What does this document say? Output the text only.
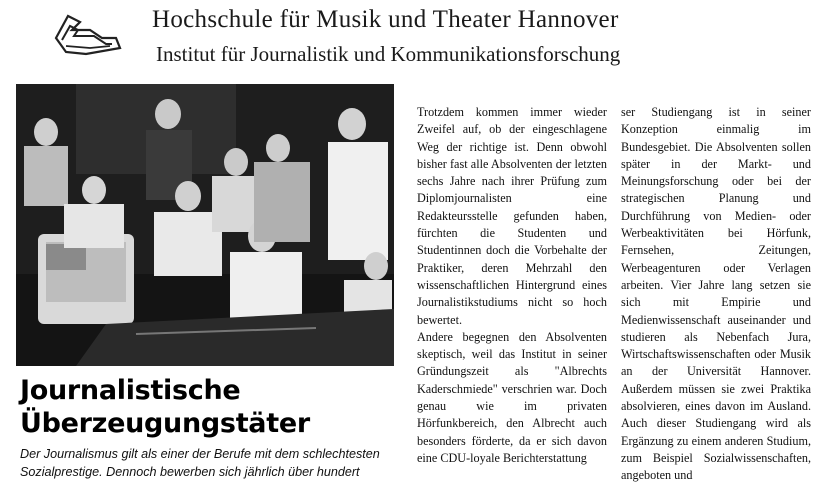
Hochschule für Musik und Theater Hannover
Institut für Journalistik und Kommunikationsforschung
Journalistische
Überzeugungstäter
Der Journalismus gilt als einer der Berufe mit dem schlechtesten
Sozialprestige. Dennoch bewerben sich jährlich über hundert

Trotzdem kommen immer wieder Zweifel auf, ob der eingeschlagene Weg der richtige ist. Denn obwohl bisher fast alle Absolventen der letzten sechs Jahre nach ihrer Prüfung zum Diplomjournalisten eine Redakteursstelle gefunden haben, fürchten die Studenten und Studentinnen doch die Vorbehalte der Praktiker, deren Mehrzahl den wissenschaftlichen Hintergrund eines Journalistikstudiums nicht so hoch bewertet.

Andere begegnen den Absolventen skeptisch, weil das Institut in seiner Gründungszeit als "Albrechts Kaderschmiede" verschrien war. Doch genau wie im privaten Hörfunkbereich, den Albrecht auch besonders förderte, da er sich davon eine CDU-loyale Berichterstattung

ser Studiengang ist in seiner Konzeption einmalig im Bundesgebiet. Die Absolventen sollen später in der Markt- und Meinungsforschung oder bei der strategischen Planung und Durchführung von Medien- oder Werbeaktivitäten bei Hörfunk, Fernsehen, Zeitungen, Werbeagenturen oder Verlagen arbeiten. Vier Jahre lang setzen sie sich mit Empirie und Medienwissenschaft auseinander und studieren als Nebenfach Jura, Wirtschaftswissenschaften oder Musik an der Universität Hannover. Außerdem müssen sie zwei Praktika absolvieren, eines davon im Ausland. Auch dieser Studiengang wird als Ergänzung zu einem anderen Studium, zum Beispiel Sozialwissenschaften, angeboten und
